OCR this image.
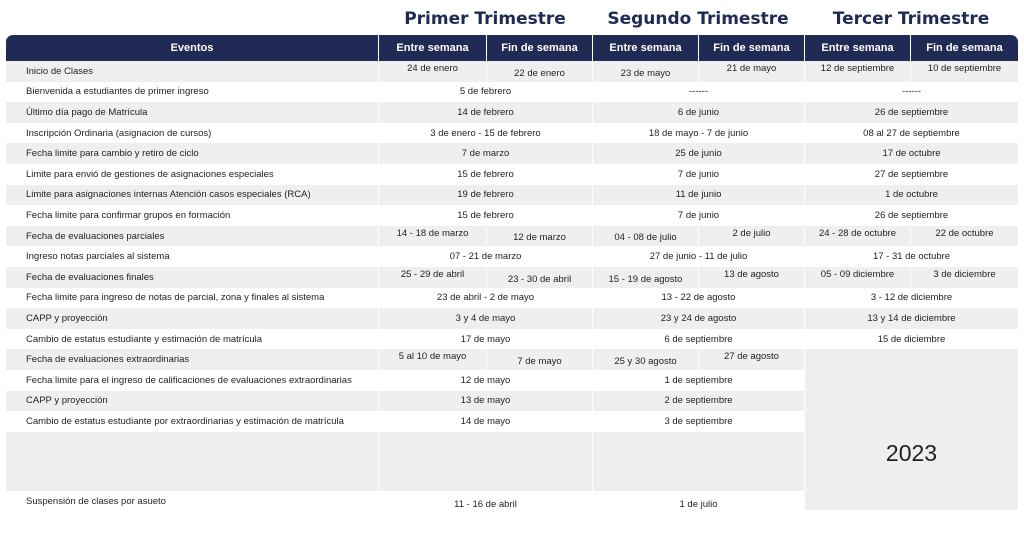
Primer Trimestre	Segundo Trimestre	Tercer Trimestre
Eventos	Entre semana	Fin de semana	Entre semana	Fin de semana	Entre semana	Fin de semana
Inicio de Clases	24 de enero	22 de enero	23 de mayo	21 de mayo	12 de septiembre	10 de septiembre
Bienvenida a estudiantes de primer ingreso	5 de febrero	------	------
Último día pago de Matrícula	14 de febrero	6 de junio	26 de septiembre
Inscripción Ordinaria (asignacion de cursos)	3 de enero - 15 de febrero	18 de mayo - 7 de junio	08 al 27 de septiembre
Fecha limite para cambio y retiro de ciclo	7 de marzo	25 de junio	17 de octubre
Limite para envió de gestiones de asignaciones especiales	15 de febrero	7 de junio	27 de septiembre
Limite para asignaciones internas Atención casos especiales (RCA)	19 de febrero	11 de junio	1 de octubre
Fecha limite para confirmar grupos en formación	15 de febrero	7 de junio	26 de septiembre
Fecha de evaluaciones parciales	14 - 18 de marzo	12 de marzo	04 - 08 de julio	2 de julio	24 - 28 de octubre	22 de octubre
Ingreso notas parciales al sistema	07 - 21 de marzo	27 de junio - 11 de julio	17 - 31 de octubre
Fecha de evaluaciones finales	25 - 29 de abril	23 - 30 de abril	15 - 19 de agosto	13 de agosto	05 - 09 diciembre	3 de diciembre
Fecha limite para ingreso de notas de parcial, zona y finales al sistema	23 de abril - 2 de mayo	13 - 22 de agosto	3 - 12 de diciembre
CAPP y proyección	3 y 4 de mayo	23 y 24 de agosto	13 y 14 de diciembre
Cambio de estatus estudiante y estimación de matrícula	17 de mayo	6 de septiembre	15 de diciembre
Fecha de evaluaciones extraordinarias	5 al 10 de mayo	7 de mayo	25 y 30 agosto	27 de agosto
Fecha limite para el ingreso de calificaciones de evaluaciones extraordinarias	12 de mayo	1 de septiembre
CAPP y proyección	13 de mayo	2 de septiembre
Cambio de estatus estudiante por extraordinarias y estimación de matrícula	14 de mayo	3 de septiembre
Suspensión de clases por asueto	11 - 16 de abril	1 de julio
2023
